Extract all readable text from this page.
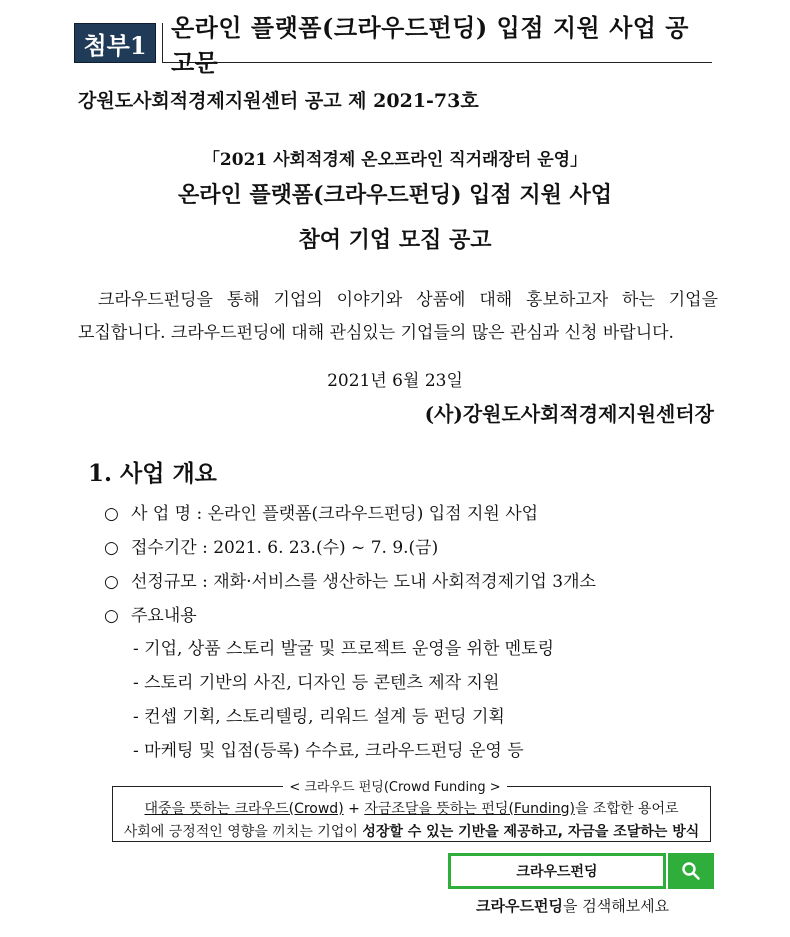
첨부1
온라인 플랫폼(크라우드펀딩) 입점 지원 사업 공고문
강원도사회적경제지원센터 공고 제 2021-73호
「2021 사회적경제 온오프라인 직거래장터 운영」
온라인 플랫폼(크라우드펀딩) 입점 지원 사업
참여 기업 모집 공고

크라우드펀딩을 통해 기업의 이야기와 상품에 대해 홍보하고자 하는 기업을

모집합니다. 크라우드펀딩에 대해 관심있는 기업들의 많은 관심과 신청 바랍니다.

2021년 6월 23일
(사)강원도사회적경제지원센터장
1. 사업 개요
○ 사 업 명 : 온라인 플랫폼(크라우드펀딩) 입점 지원 사업
○ 접수기간 : 2021. 6. 23.(수) ~ 7. 9.(금)
○ 선정규모 : 재화·서비스를 생산하는 도내 사회적경제기업 3개소
○ 주요내용
- 기업, 상품 스토리 발굴 및 프로젝트 운영을 위한 멘토링
- 스토리 기반의 사진, 디자인 등 콘텐츠 제작 지원
- 컨셉 기획, 스토리텔링, 리워드 설계 등 펀딩 기획
- 마케팅 및 입점(등록) 수수료, 크라우드펀딩 운영 등
< 크라우드 펀딩(Crowd Funding >
대중을 뜻하는 크라우드(Crowd) + 자금조달을 뜻하는 펀딩(Funding)을 조합한 용어로
사회에 긍정적인 영향을 끼치는 기업이 성장할 수 있는 기반을 제공하고, 자금을 조달하는 방식
크라우드펀딩
크라우드펀딩을 검색해보세요
